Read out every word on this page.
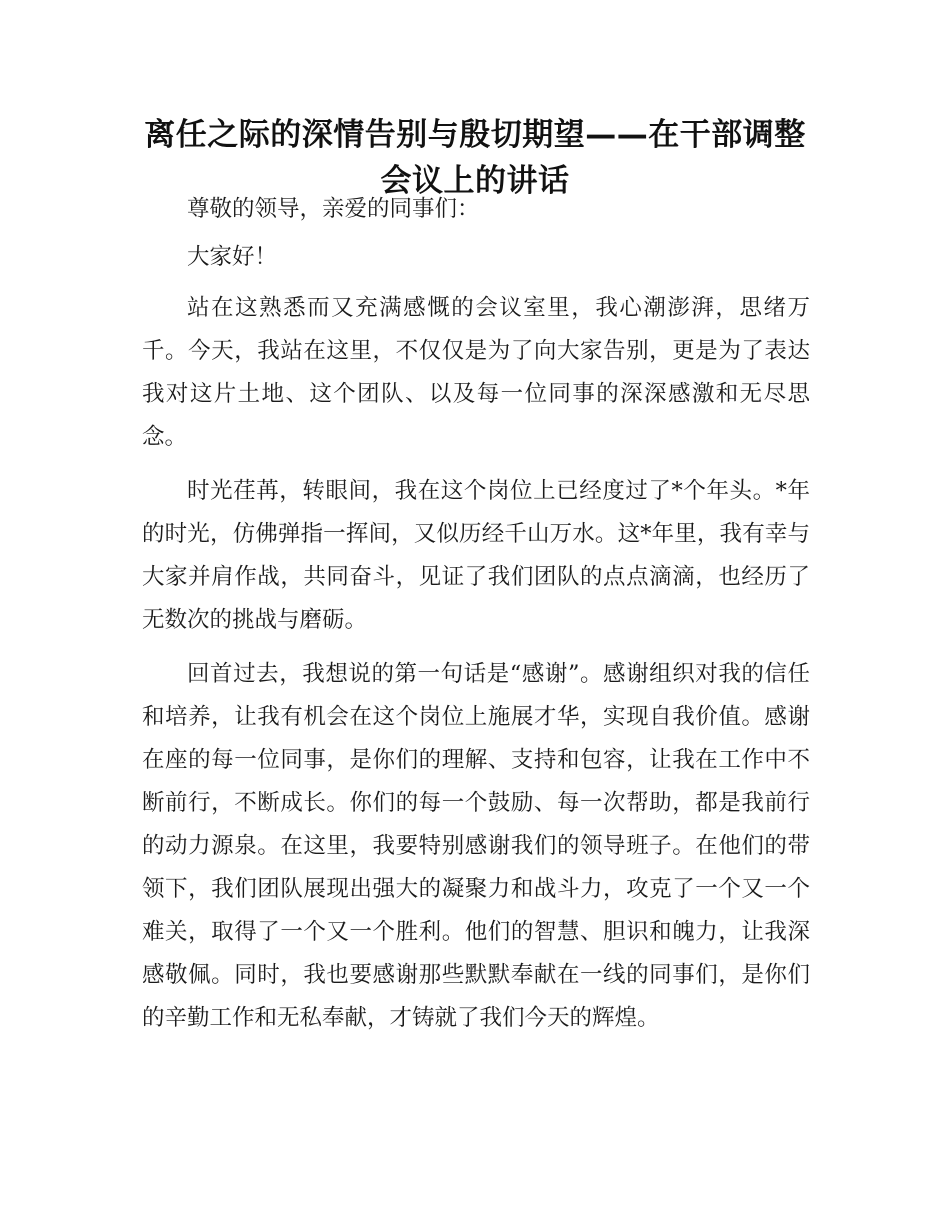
离任之际的深情告别与殷切期望——在干部调整会议上的讲话

尊敬的领导，亲爱的同事们：

大家好！

站在这熟悉而又充满感慨的会议室里，我心潮澎湃，思绪万千。今天，我站在这里，不仅仅是为了向大家告别，更是为了表达我对这片土地、这个团队、以及每一位同事的深深感激和无尽思念。

时光荏苒，转眼间，我在这个岗位上已经度过了*个年头。*年的时光，仿佛弹指一挥间，又似历经千山万水。这*年里，我有幸与大家并肩作战，共同奋斗，见证了我们团队的点点滴滴，也经历了无数次的挑战与磨砺。

回首过去，我想说的第一句话是“感谢”。感谢组织对我的信任和培养，让我有机会在这个岗位上施展才华，实现自我价值。感谢在座的每一位同事，是你们的理解、支持和包容，让我在工作中不断前行，不断成长。你们的每一个鼓励、每一次帮助，都是我前行的动力源泉。在这里，我要特别感谢我们的领导班子。在他们的带领下，我们团队展现出强大的凝聚力和战斗力，攻克了一个又一个难关，取得了一个又一个胜利。他们的智慧、胆识和魄力，让我深感敬佩。同时，我也要感谢那些默默奉献在一线的同事们，是你们的辛勤工作和无私奉献，才铸就了我们今天的辉煌。
